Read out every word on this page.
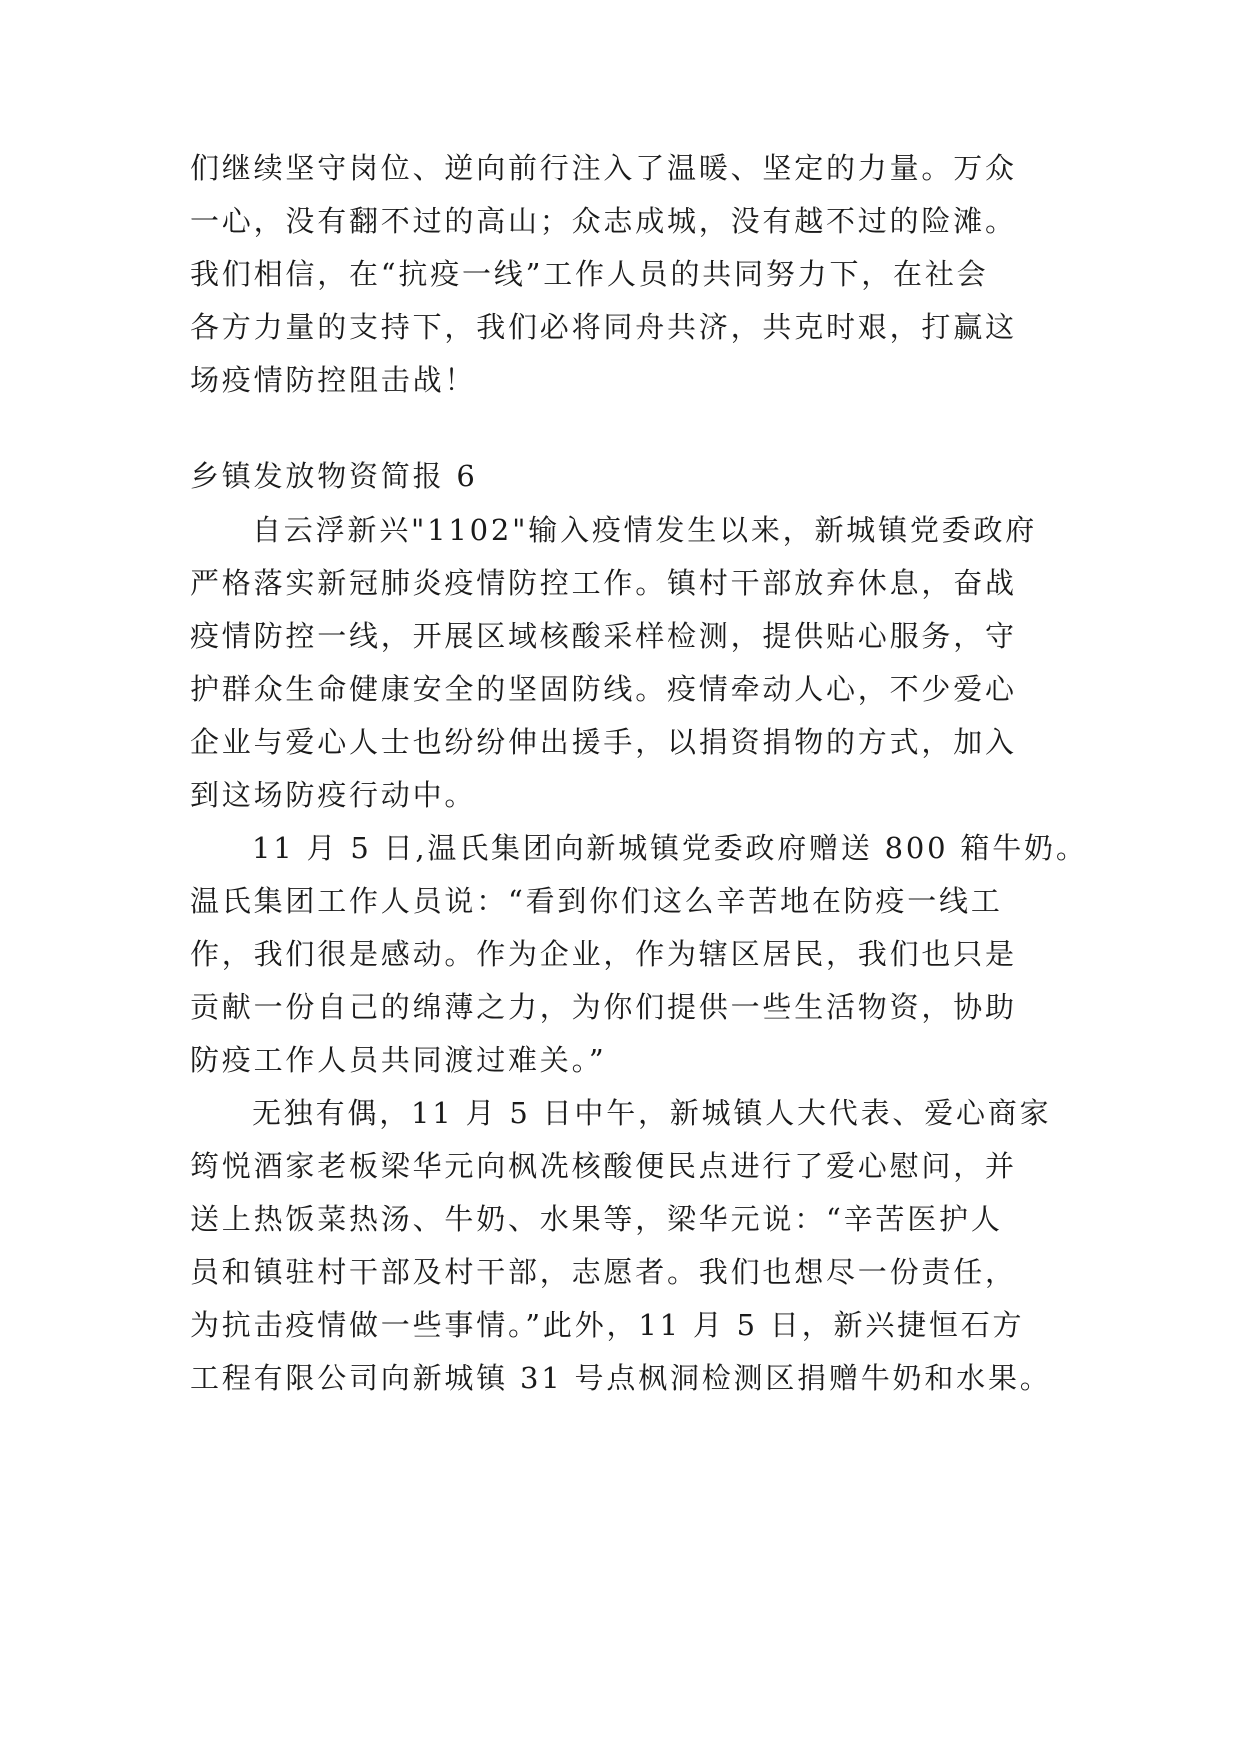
们继续坚守岗位、逆向前行注入了温暖、坚定的力量。万众
一心，没有翻不过的高山；众志成城，没有越不过的险滩。
我们相信，在“抗疫一线”工作人员的共同努力下，在社会
各方力量的支持下，我们必将同舟共济，共克时艰，打赢这
场疫情防控阻击战！
乡镇发放物资简报 6
自云浮新兴"1102"输入疫情发生以来，新城镇党委政府
严格落实新冠肺炎疫情防控工作。镇村干部放弃休息，奋战
疫情防控一线，开展区域核酸采样检测，提供贴心服务，守
护群众生命健康安全的坚固防线。疫情牵动人心，不少爱心
企业与爱心人士也纷纷伸出援手，以捐资捐物的方式，加入
到这场防疫行动中。
11 月 5 日,温氏集团向新城镇党委政府赠送 800 箱牛奶。
温氏集团工作人员说：“看到你们这么辛苦地在防疫一线工
作，我们很是感动。作为企业，作为辖区居民，我们也只是
贡献一份自己的绵薄之力，为你们提供一些生活物资，协助
防疫工作人员共同渡过难关。”
无独有偶，11 月 5 日中午，新城镇人大代表、爱心商家
筠悦酒家老板梁华元向枫冼核酸便民点进行了爱心慰问，并
送上热饭菜热汤、牛奶、水果等，梁华元说：“辛苦医护人
员和镇驻村干部及村干部，志愿者。我们也想尽一份责任，
为抗击疫情做一些事情。”此外，11 月 5 日，新兴捷恒石方
工程有限公司向新城镇 31 号点枫洞检测区捐赠牛奶和水果。
